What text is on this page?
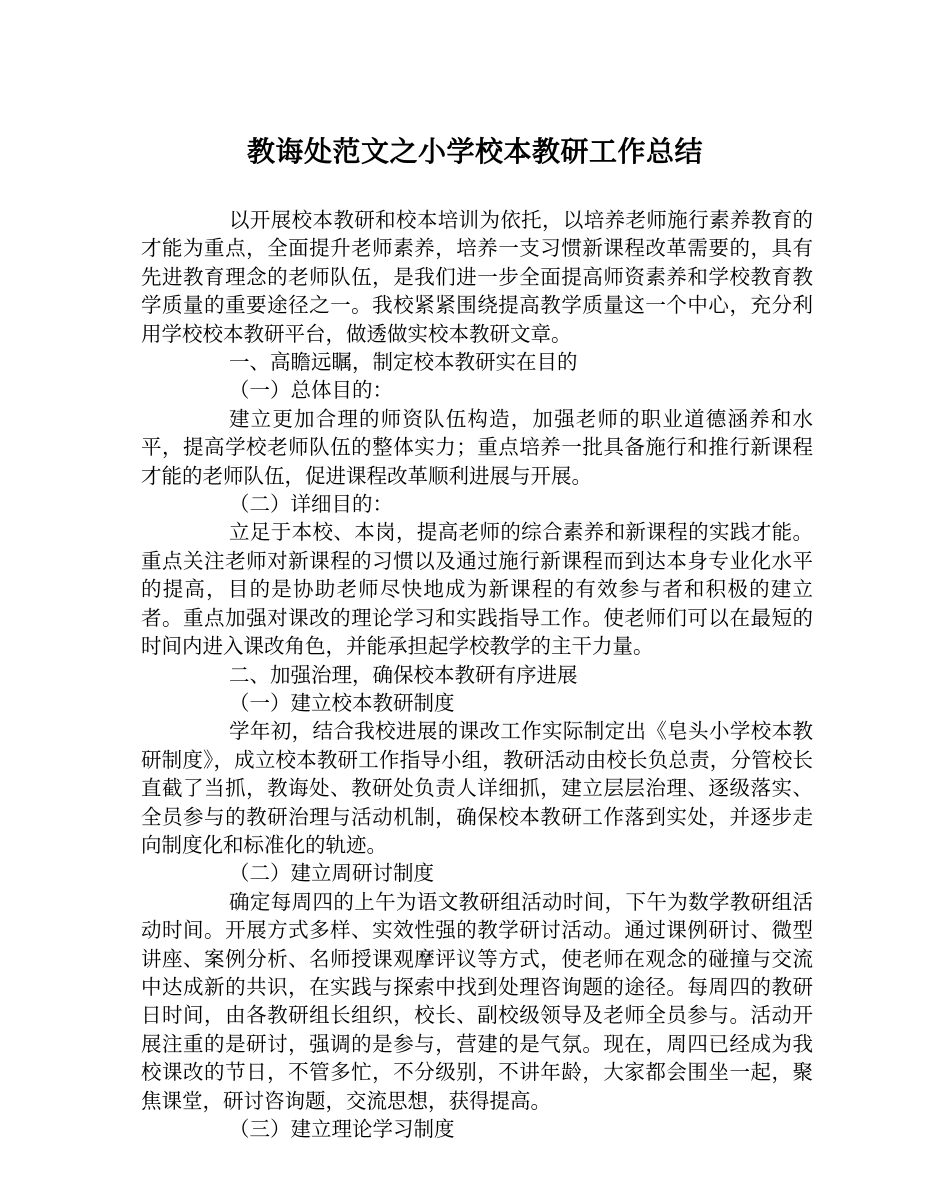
教诲处范文之小学校本教研工作总结

以开展校本教研和校本培训为依托，以培养老师施行素养教育的才能为重点，全面提升老师素养，培养一支习惯新课程改革需要的，具有先进教育理念的老师队伍，是我们进一步全面提高师资素养和学校教育教学质量的重要途径之一。我校紧紧围绕提高教学质量这一个中心，充分利用学校校本教研平台，做透做实校本教研文章。

一、高瞻远瞩，制定校本教研实在目的

（一）总体目的：

建立更加合理的师资队伍构造，加强老师的职业道德涵养和水平，提高学校老师队伍的整体实力；重点培养一批具备施行和推行新课程才能的老师队伍，促进课程改革顺利进展与开展。

（二）详细目的：

立足于本校、本岗，提高老师的综合素养和新课程的实践才能。重点关注老师对新课程的习惯以及通过施行新课程而到达本身专业化水平的提高，目的是协助老师尽快地成为新课程的有效参与者和积极的建立者。重点加强对课改的理论学习和实践指导工作。使老师们可以在最短的时间内进入课改角色，并能承担起学校教学的主干力量。

二、加强治理，确保校本教研有序进展

（一）建立校本教研制度

学年初，结合我校进展的课改工作实际制定出《皂头小学校本教研制度》，成立校本教研工作指导小组，教研活动由校长负总责，分管校长直截了当抓，教诲处、教研处负责人详细抓，建立层层治理、逐级落实、全员参与的教研治理与活动机制，确保校本教研工作落到实处，并逐步走向制度化和标准化的轨迹。

（二）建立周研讨制度

确定每周四的上午为语文教研组活动时间，下午为数学教研组活动时间。开展方式多样、实效性强的教学研讨活动。通过课例研讨、微型讲座、案例分析、名师授课观摩评议等方式，使老师在观念的碰撞与交流中达成新的共识，在实践与探索中找到处理咨询题的途径。每周四的教研日时间，由各教研组长组织，校长、副校级领导及老师全员参与。活动开展注重的是研讨，强调的是参与，营建的是气氛。现在，周四已经成为我校课改的节日，不管多忙，不分级别，不讲年龄，大家都会围坐一起，聚焦课堂，研讨咨询题，交流思想，获得提高。

（三）建立理论学习制度
